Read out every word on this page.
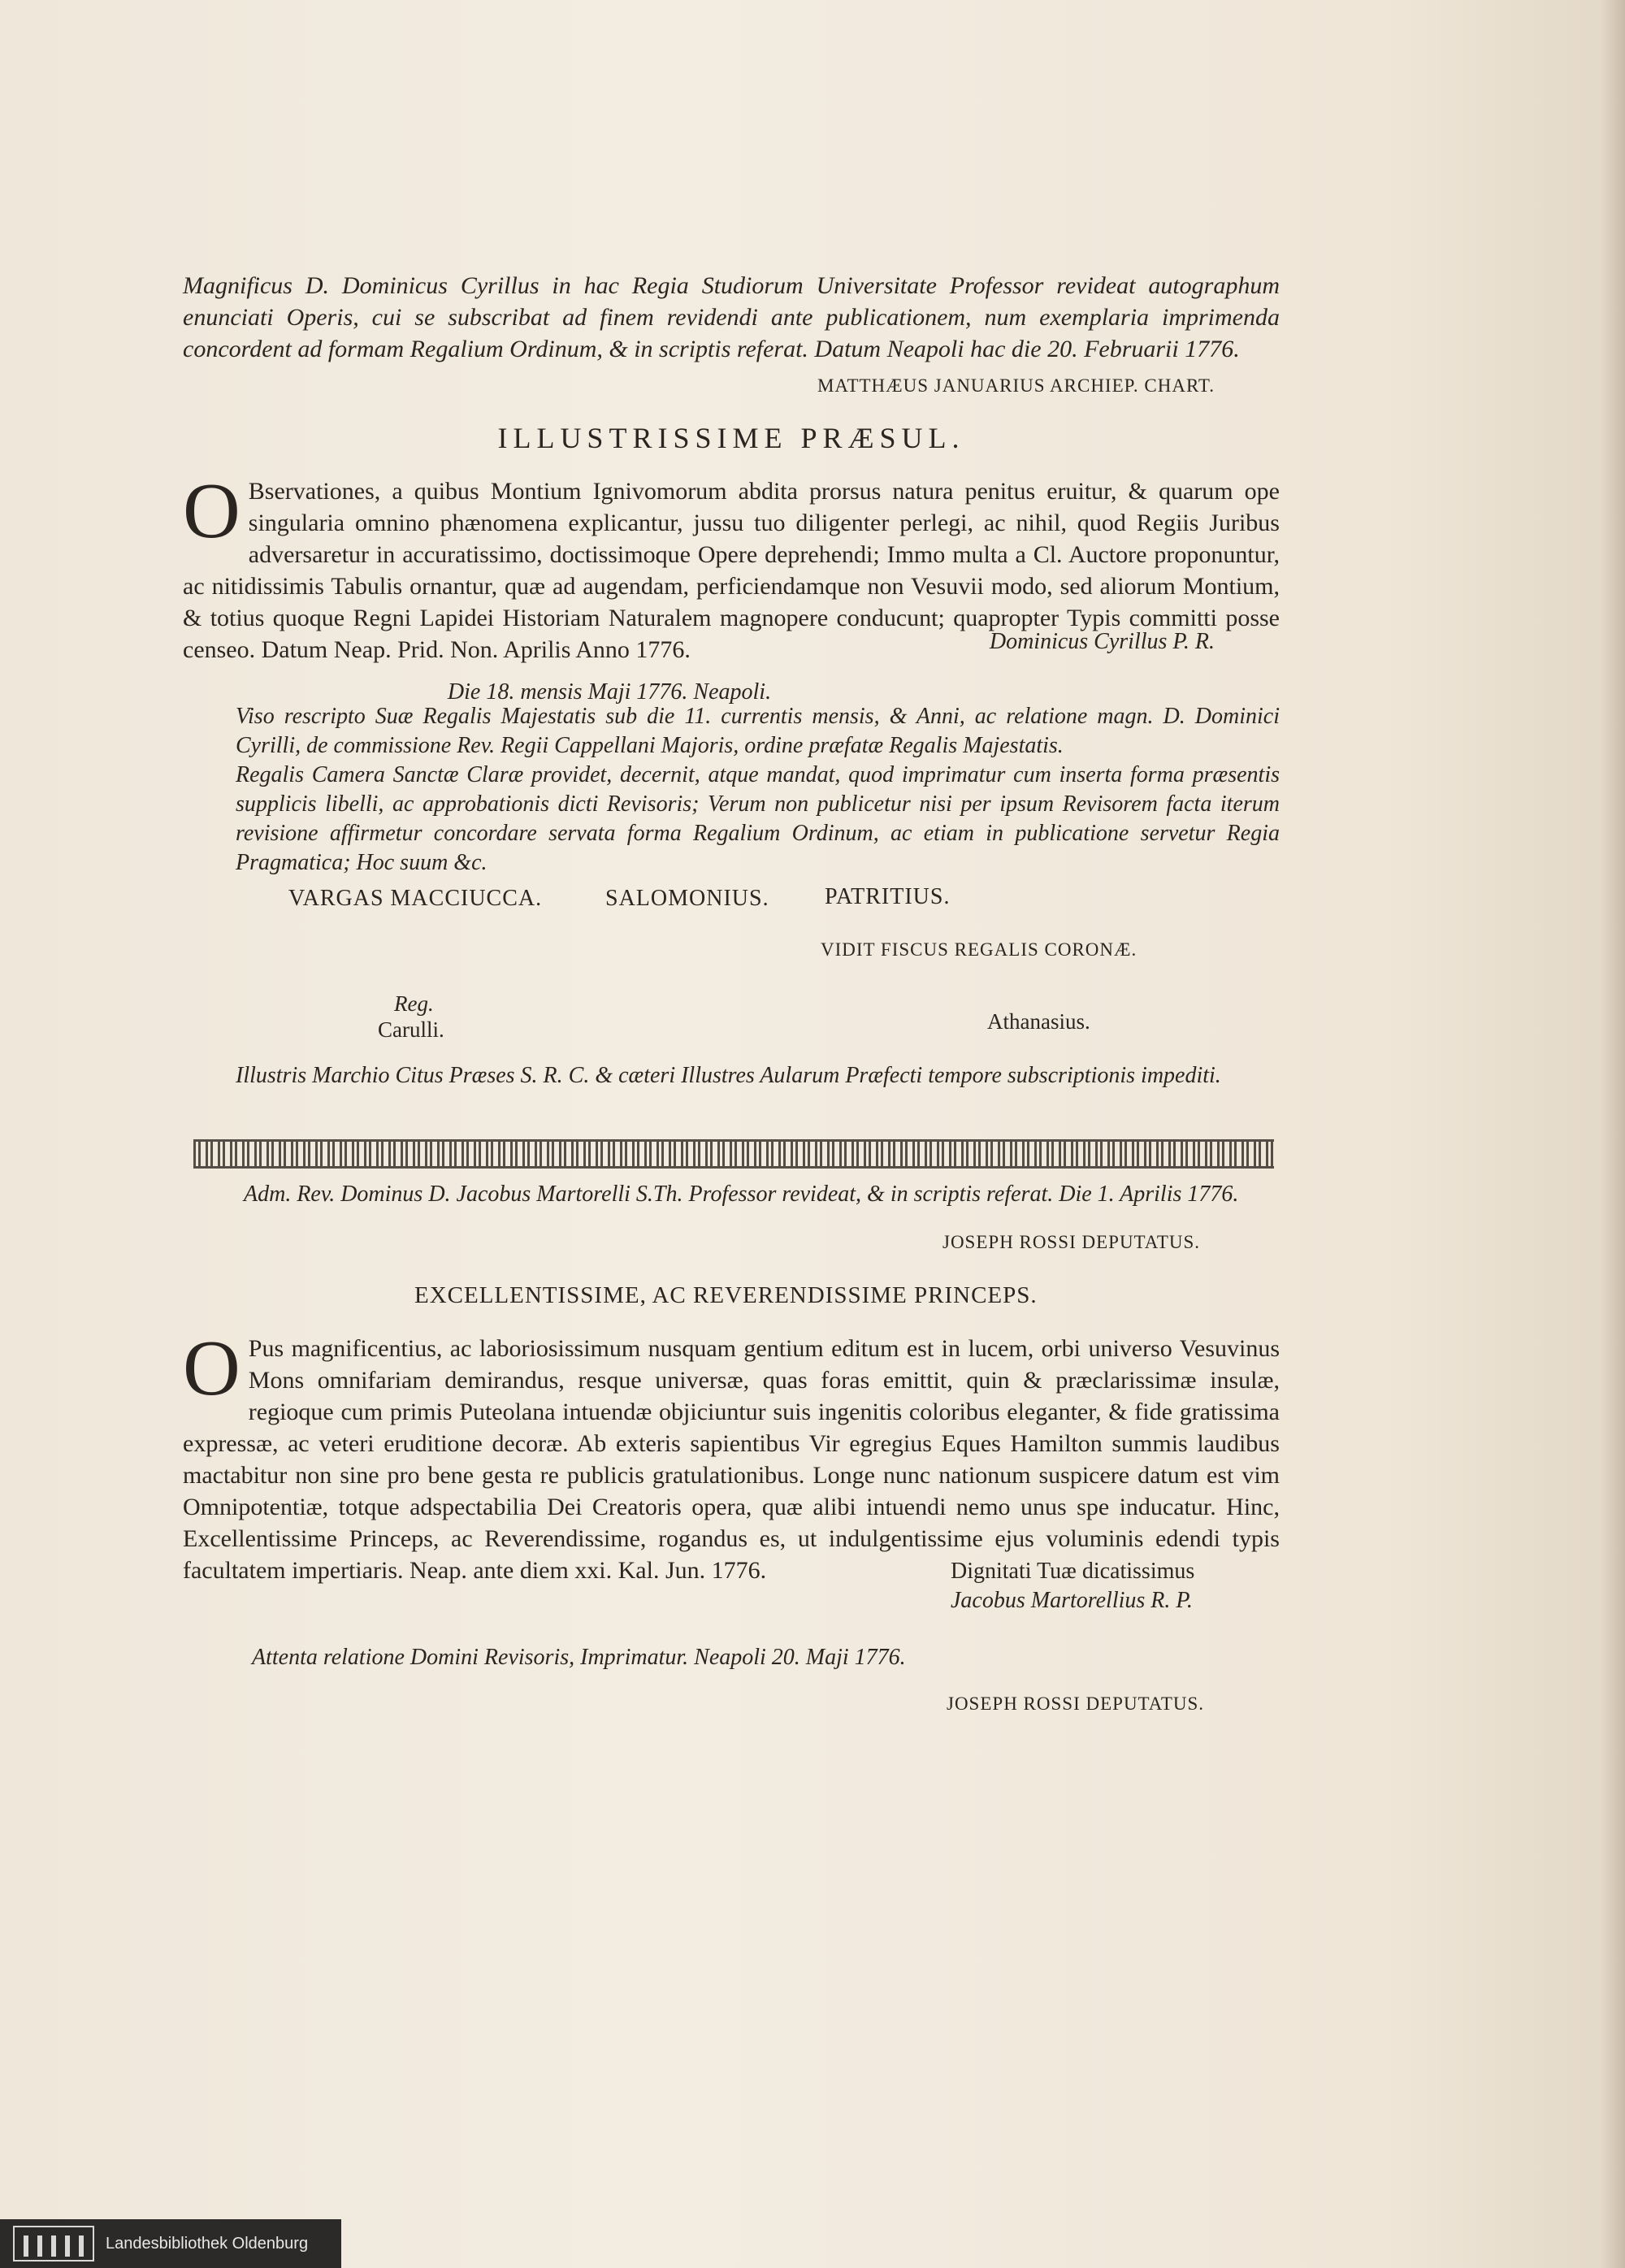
Magnificus D. Dominicus Cyrillus in hac Regia Studiorum Universitate Professor revideat autographum enunciati Operis, cui se subscribat ad finem revidendi ante publicationem, num exemplaria imprimenda concordent ad formam Regalium Ordinum, & in scriptis referat. Datum Neapoli hac die 20. Februarii 1776.

MATTHÆUS JANUARIUS ARCHIEP. CHART.
ILLUSTRISSIME PRÆSUL.
O Bservationes, a quibus Montium Ignivomorum abdita prorsus natura penitus eruitur, & quarum ope singularia omnino phænomena explicantur, jussu tuo diligenter perlegi, ac nihil, quod Regiis Juribus adversaretur in accuratissimo, doctissimoque Opere deprehendi; Immo multa a Cl. Auctore proponuntur, ac nitidissimis Tabulis ornantur, quæ ad augendam, perficiendamque non Vesuvii modo, sed aliorum Montium, & totius quoque Regni Lapidei Historiam Naturalem magnopere conducunt; quapropter Typis committi posse censeo. Datum Neap. Prid. Non. Aprilis Anno 1776.	Dominicus Cyrillus P. R.
Die 18. mensis Maji 1776. Neapoli.

Viso rescripto Suæ Regalis Majestatis sub die 11. currentis mensis, & Anni, ac relatione magn. D. Dominici Cyrilli, de commissione Rev. Regii Cappellani Majoris, ordine præfatæ Regalis Majestatis.

Regalis Camera Sanctæ Claræ providet, decernit, atque mandat, quod imprimatur cum inserta forma præsentis supplicis libelli, ac approbationis dicti Revisoris; Verum non publicetur nisi per ipsum Revisorem facta iterum revisione affirmetur concordare servata forma Regalium Ordinum, ac etiam in publicatione servetur Regia Pragmatica; Hoc suum &c.

VARGAS MACCIUCCA.	SALOMONIUS. PATRITIUS.
VIDIT FISCUS REGALIS CORONÆ.
Reg.
Carulli.	Athanasius.

Illustris Marchio Citus Præses S. R. C. & cæteri Illustres Aularum Præfecti tempore subscriptionis impediti.

Adm. Rev. Dominus D. Jacobus Martorelli S.Th. Professor revideat, & in scriptis referat. Die 1. Aprilis 1776.

JOSEPH ROSSI DEPUTATUS.
EXCELLENTISSIME, AC REVERENDISSIME PRINCEPS.
O Pus magnificentius, ac laboriosissimum nusquam gentium editum est in lucem, orbi universo Vesuvinus Mons omnifariam demirandus, resque universæ, quas foras emittit, quin & præclarissimæ insulæ, regioque cum primis Puteolana intuendæ objiciuntur suis ingenitis coloribus eleganter, & fide gratissima expressæ, ac veteri eruditione decoræ. Ab exteris sapientibus Vir egregius Eques Hamilton summis laudibus mactabitur non sine pro bene gesta re publicis gratulationibus. Longe nunc nationum suspicere datum est vim Omnipotentiæ, totque adspectabilia Dei Creatoris opera, quæ alibi intuendi nemo unus spe inducatur. Hinc, Excellentissime Princeps, ac Reverendissime, rogandus es, ut indulgentissime ejus voluminis edendi typis facultatem impertiaris. Neap. ante diem xxi. Kal. Jun. 1776.	Dignitati Tuæ dicatissimus
Jacobus Martorellius R. P.
Attenta relatione Domini Revisoris, Imprimatur. Neapoli 20. Maji 1776.
JOSEPH ROSSI DEPUTATUS.
Landesbibliothek Oldenburg
